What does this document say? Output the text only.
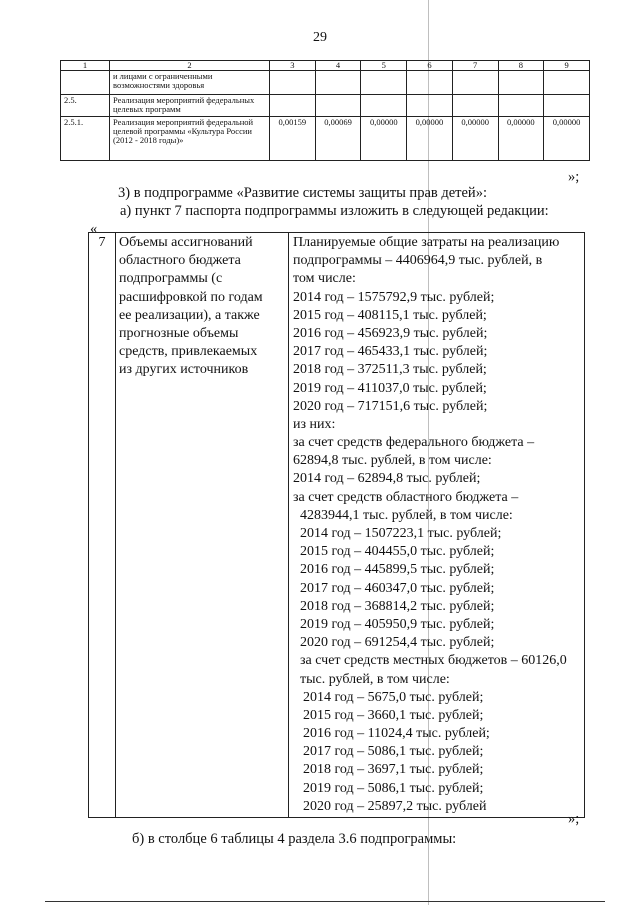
29
1	2	3	4	5	6	7	8	9
	и лицами с ограниченными возможностями здоровья							
2.5.	Реализация мероприятий федеральных целевых программ							
2.5.1.	Реализация мероприятий федеральной целевой программы «Культура России (2012 - 2018 годы)»	0,00159	0,00069	0,00000	0,00000	0,00000	0,00000	0,00000
»;
3) в подпрограмме «Развитие системы защиты прав детей»:
а) пункт 7 паспорта подпрограммы изложить в следующей редакции:
«
7	Объемы ассигнований
областного бюджета
подпрограммы (с
расшифровкой по годам
ее реализации), а также
прогнозные объемы
средств, привлекаемых
из других источников

Планируемые общие затраты на реализацию
подпрограммы – 4406964,9 тыс. рублей, в
том числе:
2014 год – 1575792,9 тыс. рублей;
2015 год – 408115,1 тыс. рублей;
2016 год – 456923,9 тыс. рублей;
2017 год – 465433,1 тыс. рублей;
2018 год – 372511,3 тыс. рублей;
2019 год – 411037,0 тыс. рублей;
2020 год – 717151,6 тыс. рублей;
из них:
за счет средств федерального бюджета –
62894,8 тыс. рублей, в том числе:
2014 год – 62894,8 тыс. рублей;
за счет средств областного бюджета –
4283944,1 тыс. рублей, в том числе:
2014 год – 1507223,1 тыс. рублей;
2015 год – 404455,0 тыс. рублей;
2016 год – 445899,5 тыс. рублей;
2017 год – 460347,0 тыс. рублей;
2018 год – 368814,2 тыс. рублей;
2019 год – 405950,9 тыс. рублей;
2020 год – 691254,4 тыс. рублей;
за счет средств местных бюджетов – 60126,0
тыс. рублей, в том числе:
2014 год – 5675,0 тыс. рублей;
2015 год – 3660,1 тыс. рублей;
2016 год – 11024,4 тыс. рублей;
2017 год – 5086,1 тыс. рублей;
2018 год – 3697,1 тыс. рублей;
2019 год – 5086,1 тыс. рублей;
2020 год – 25897,2 тыс. рублей
»;
б) в столбце 6 таблицы 4 раздела 3.6 подпрограммы:
